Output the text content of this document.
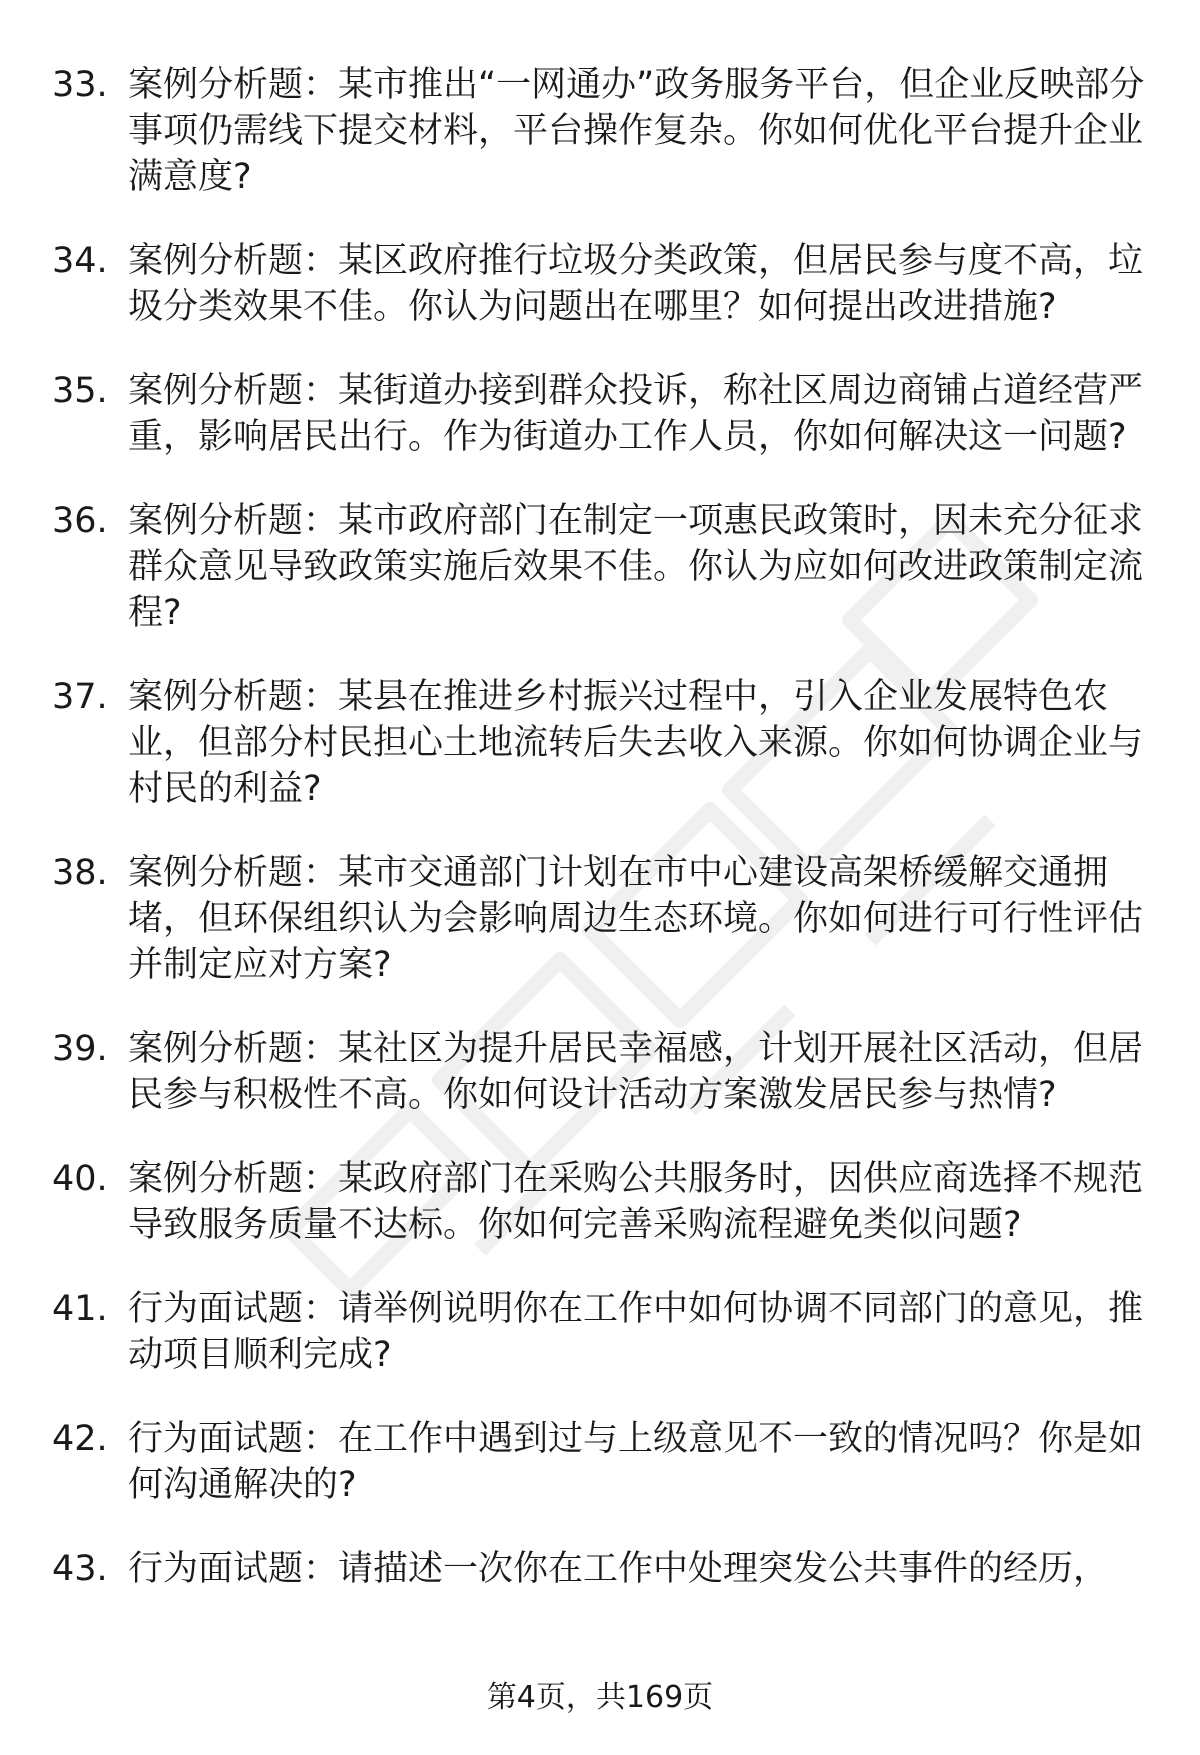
33. 案例分析题：某市推出“一网通办”政务服务平台，但企业反映部分事项仍需线下提交材料，平台操作复杂。你如何优化平台提升企业满意度?
34. 案例分析题：某区政府推行垃圾分类政策，但居民参与度不高，垃圾分类效果不佳。你认为问题出在哪里？如何提出改进措施?
35. 案例分析题：某街道办接到群众投诉，称社区周边商铺占道经营严重，影响居民出行。作为街道办工作人员，你如何解决这一问题?
36. 案例分析题：某市政府部门在制定一项惠民政策时，因未充分征求群众意见导致政策实施后效果不佳。你认为应如何改进政策制定流程?
37. 案例分析题：某县在推进乡村振兴过程中，引入企业发展特色农业，但部分村民担心土地流转后失去收入来源。你如何协调企业与村民的利益?
38. 案例分析题：某市交通部门计划在市中心建设高架桥缓解交通拥堵，但环保组织认为会影响周边生态环境。你如何进行可行性评估并制定应对方案?
39. 案例分析题：某社区为提升居民幸福感，计划开展社区活动，但居民参与积极性不高。你如何设计活动方案激发居民参与热情?
40. 案例分析题：某政府部门在采购公共服务时，因供应商选择不规范导致服务质量不达标。你如何完善采购流程避免类似问题?
41. 行为面试题：请举例说明你在工作中如何协调不同部门的意见，推动项目顺利完成?
42. 行为面试题：在工作中遇到过与上级意见不一致的情况吗？你是如何沟通解决的?
43. 行为面试题：请描述一次你在工作中处理突发公共事件的经历，
第4页，共169页
